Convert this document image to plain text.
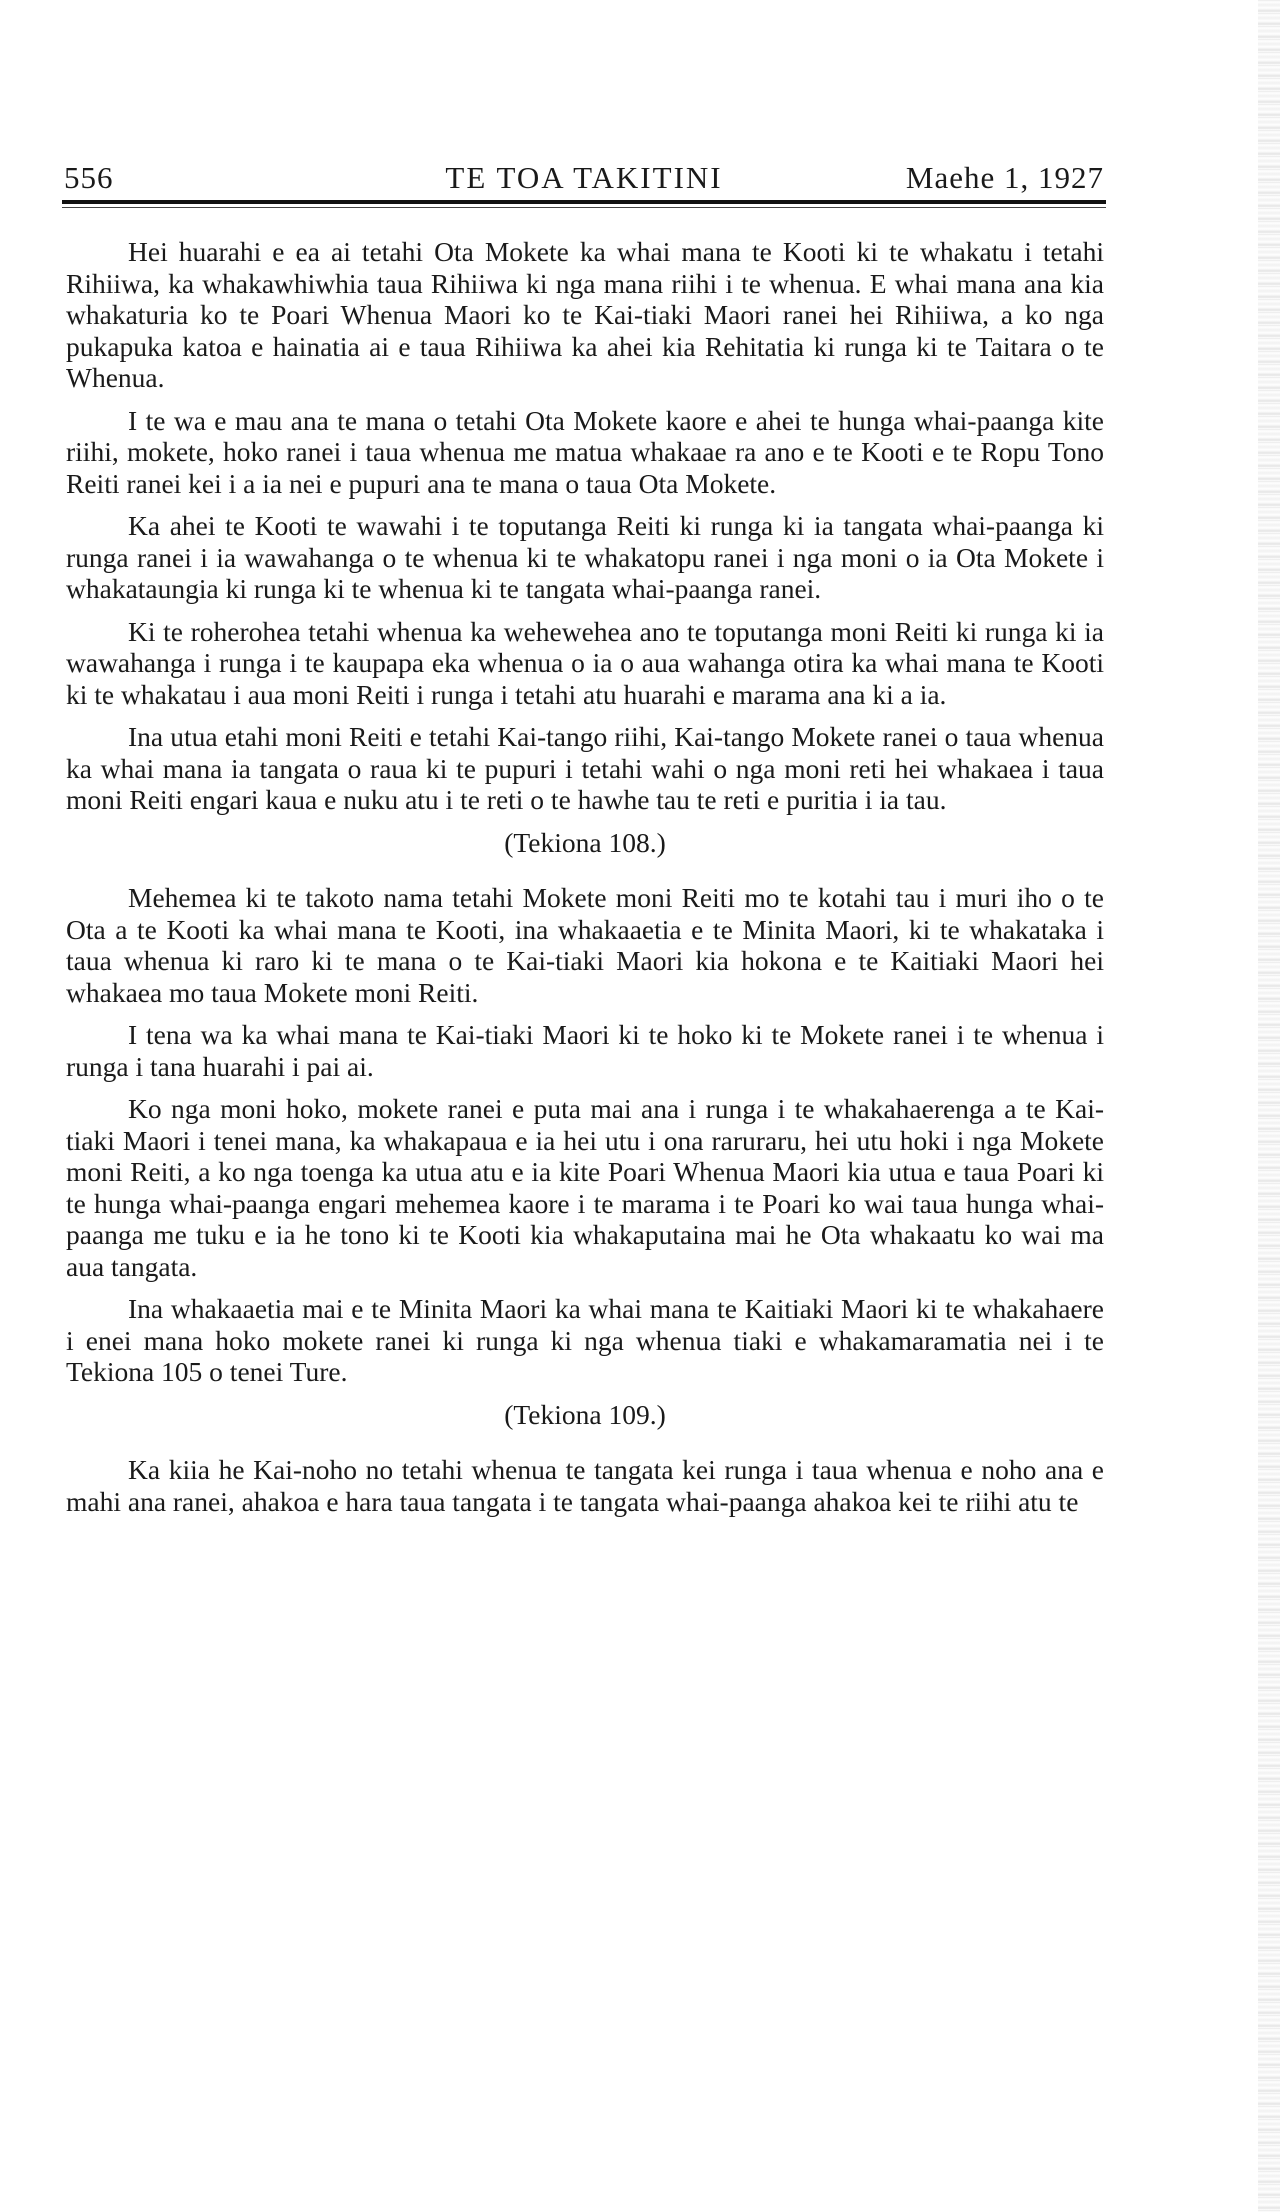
556	TE TOA TAKITINI	Maehe 1, 1927

Hei huarahi e ea ai tetahi Ota Mokete ka whai mana te Kooti ki te whakatu i tetahi Rihiiwa, ka whakawhiwhia taua Rihiiwa ki nga mana riihi i te whenua. E whai mana ana kia whakaturia ko te Poari Whenua Maori ko te Kai-tiaki Maori ranei hei Rihiiwa, a ko nga pukapuka katoa e hainatia ai e taua Rihiiwa ka ahei kia Rehitatia ki runga ki te Taitara o te Whenua.

I te wa e mau ana te mana o tetahi Ota Mokete kaore e ahei te hunga whai-paanga kite riihi, mokete, hoko ranei i taua whenua me matua whakaae ra ano e te Kooti e te Ropu Tono Reiti ranei kei i a ia nei e pupuri ana te mana o taua Ota Mokete.

Ka ahei te Kooti te wawahi i te toputanga Reiti ki runga ki ia tangata whai-paanga ki runga ranei i ia wawahanga o te whenua ki te whakatopu ranei i nga moni o ia Ota Mokete i whakataungia ki runga ki te whenua ki te tangata whai-paanga ranei.

Ki te roherohea tetahi whenua ka wehewehea ano te toputanga moni Reiti ki runga ki ia wawahanga i runga i te kaupapa eka whenua o ia o aua wahanga otira ka whai mana te Kooti ki te whakatau i aua moni Reiti i runga i tetahi atu huarahi e marama ana ki a ia.

Ina utua etahi moni Reiti e tetahi Kai-tango riihi, Kai-tango Mokete ranei o taua whenua ka whai mana ia tangata o raua ki te pupuri i tetahi wahi o nga moni reti hei whakaea i taua moni Reiti engari kaua e nuku atu i te reti o te hawhe tau te reti e puritia i ia tau.

(Tekiona 108.)

Mehemea ki te takoto nama tetahi Mokete moni Reiti mo te kotahi tau i muri iho o te Ota a te Kooti ka whai mana te Kooti, ina whakaaetia e te Minita Maori, ki te whakataka i taua whenua ki raro ki te mana o te Kai-tiaki Maori kia hokona e te Kaitiaki Maori hei whakaea mo taua Mokete moni Reiti.

I tena wa ka whai mana te Kai-tiaki Maori ki te hoko ki te Mokete ranei i te whenua i runga i tana huarahi i pai ai.

Ko nga moni hoko, mokete ranei e puta mai ana i runga i te whakahaerenga a te Kai-tiaki Maori i tenei mana, ka whakapaua e ia hei utu i ona raruraru, hei utu hoki i nga Mokete moni Reiti, a ko nga toenga ka utua atu e ia kite Poari Whenua Maori kia utua e taua Poari ki te hunga whai-paanga engari mehemea kaore i te marama i te Poari ko wai taua hunga whai-paanga me tuku e ia he tono ki te Kooti kia whakaputaina mai he Ota whakaatu ko wai ma aua tangata.

Ina whakaaetia mai e te Minita Maori ka whai mana te Kaitiaki Maori ki te whakahaere i enei mana hoko mokete ranei ki runga ki nga whenua tiaki e whakamaramatia nei i te Tekiona 105 o tenei Ture.

(Tekiona 109.)

Ka kiia he Kai-noho no tetahi whenua te tangata kei runga i taua whenua e noho ana e mahi ana ranei, ahakoa e hara taua tangata i te tangata whai-paanga ahakoa kei te riihi atu te
